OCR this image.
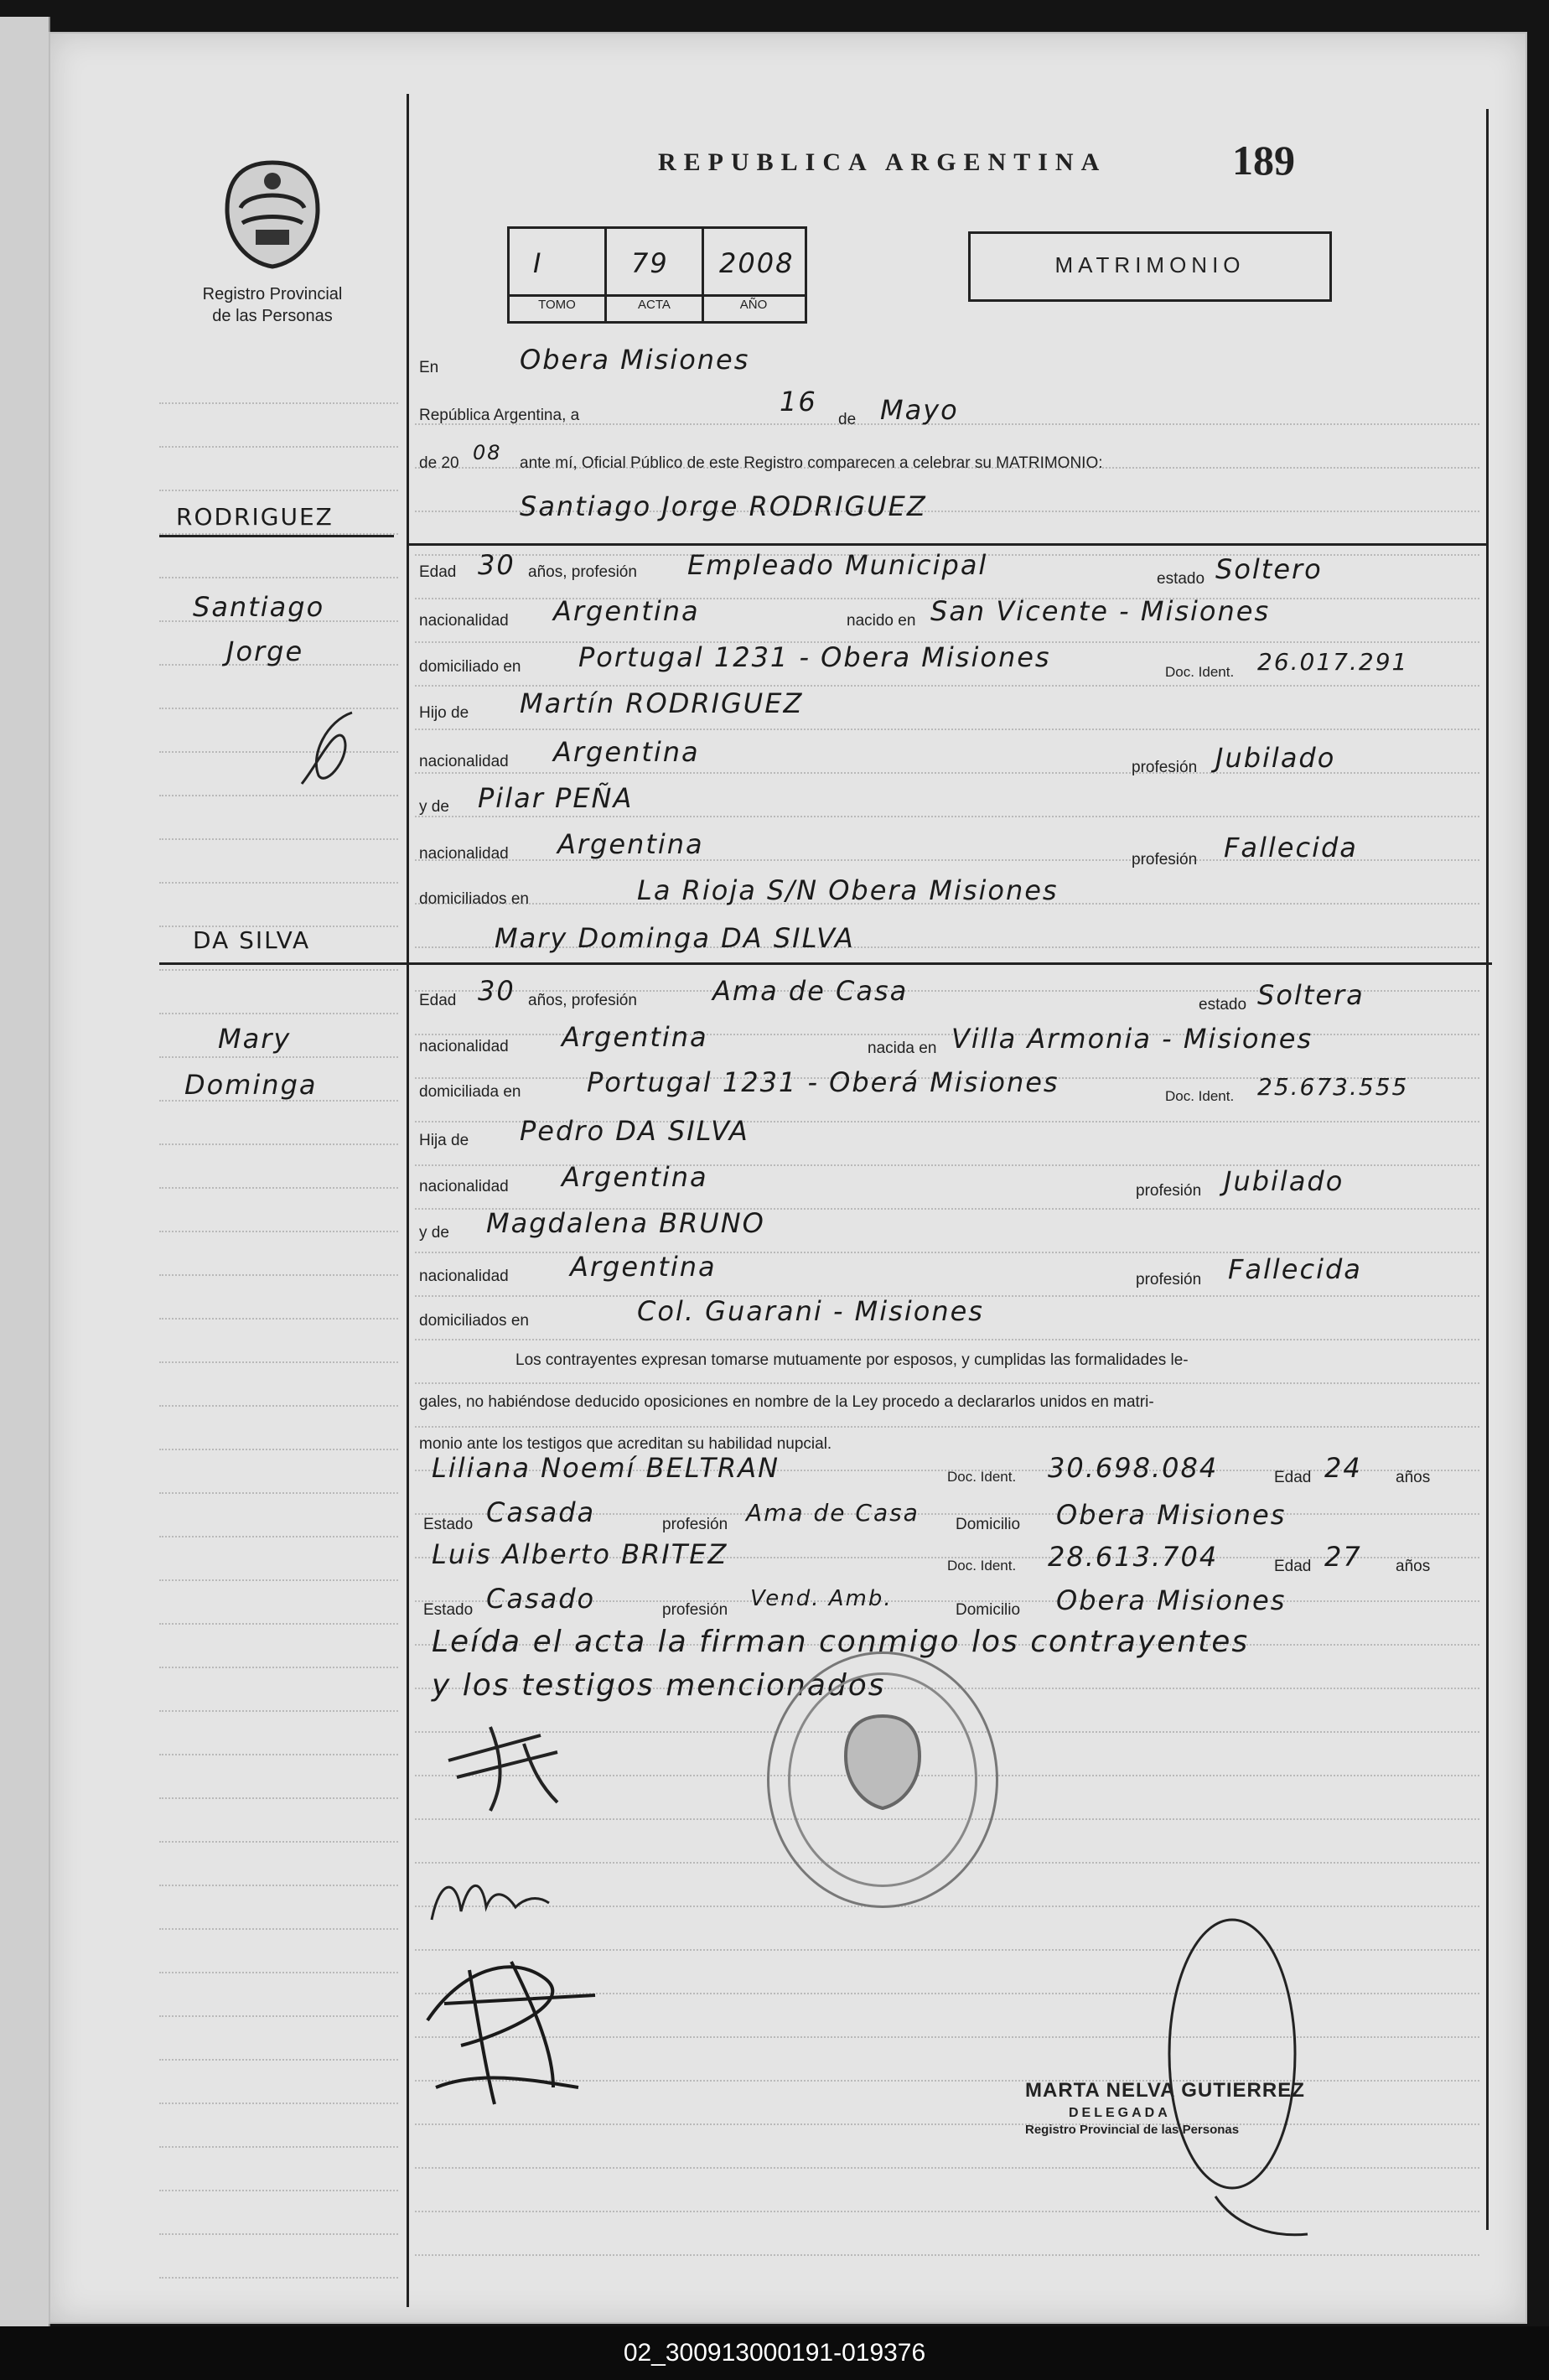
Registro Provincial
de las Personas
REPUBLICA ARGENTINA	189
I	79 2008
TOMO	ACTA	AÑO
MATRIMONIO
En	Obera Misiones
República Argentina, a	16
de Mayo
de 20 08 ante mí, Oficial Público de este Registro comparecen a celebrar su MATRIMONIO:
RODRIGUEZ
Santiago
Jorge
DA SILVA
Mary
Dominga
Santiago Jorge RODRIGUEZ
Edad 30 años, profesión Empleado Municipal	estado Soltero
nacionalidad Argentina	nacido en San Vicente - Misiones
domiciliado en Portugal 1231 - Obera Misiones	Doc. Ident. 26.017.291
Hijo de Martín RODRIGUEZ
nacionalidad Argentina	profesión Jubilado
y de Pilar PEÑA
nacionalidad Argentina	profesión Fallecida
domiciliados en	La Rioja S/N Obera Misiones
Mary Dominga DA SILVA
Edad 30 años, profesión	Ama de Casa	estado Soltera
nacionalidad Argentina	nacida en Villa Armonia - Misiones
domiciliada en Portugal 1231 - Oberá Misiones	Doc. Ident. 25.673.555
Hija de Pedro DA SILVA
nacionalidad Argentina	profesión Jubilado
y de Magdalena BRUNO
nacionalidad Argentina	profesión Fallecida
domiciliados en	Col. Guarani - Misiones
Los contrayentes expresan tomarse mutuamente por esposos, y cumplidas las formalidades le-
gales, no habiéndose deducido oposiciones en nombre de la Ley procedo a declararlos unidos en matri-
monio ante los testigos que acreditan su habilidad nupcial.
Liliana Noemí BELTRAN	Doc. Ident. 30.698.084	Edad 24 años
Estado Casada	profesión Ama de Casa Domicilio Obera Misiones
Luis Alberto BRITEZ	Doc. Ident. 28.613.704	Edad 27 años
Estado Casado	profesión Vend. Amb.	Domicilio Obera Misiones
Leída el acta la firman conmigo los contrayentes
y los testigos mencionados
MARTA NELVA GUTIERREZ
DELEGADA
Registro Provincial de las Personas
02_300913000191-019376
